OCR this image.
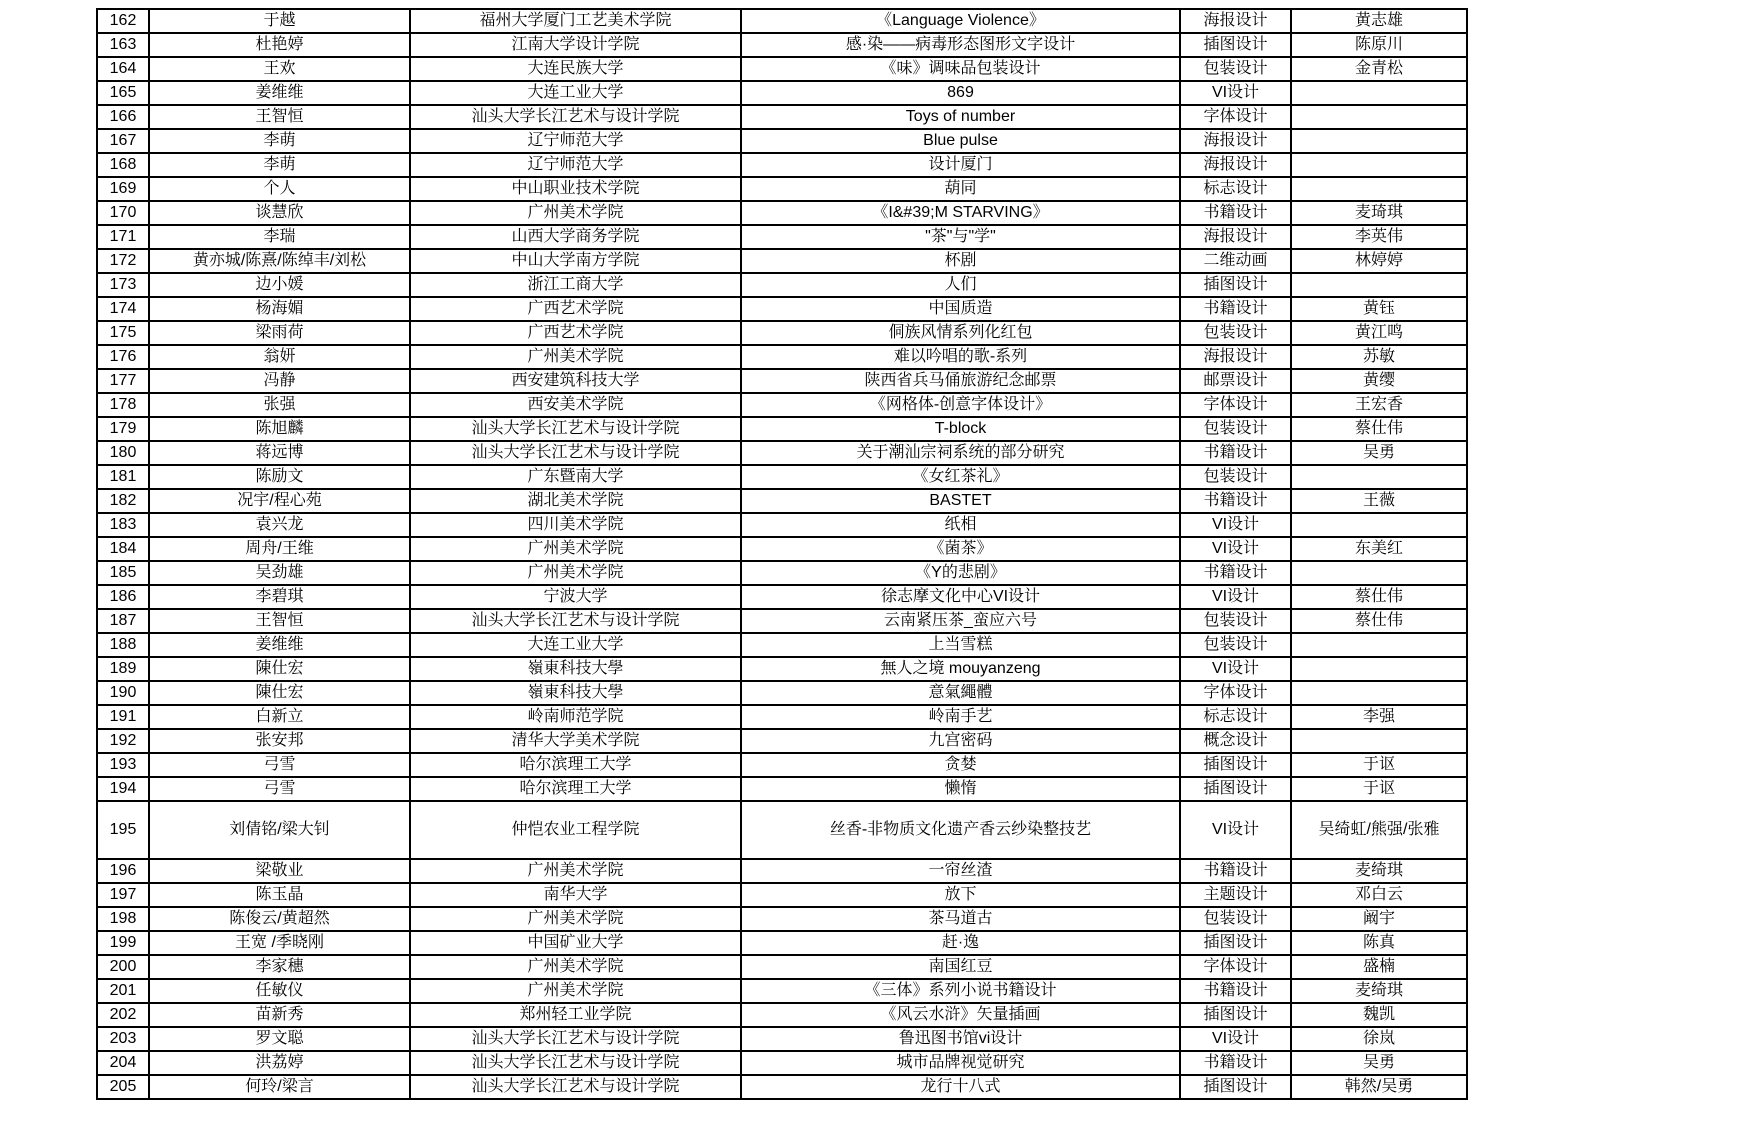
162	于越	福州大学厦门工艺美术学院	《Language Violence》	海报设计	黄志雄
163	杜艳婷	江南大学设计学院	感·染——病毒形态图形文字设计	插图设计	陈原川
164	王欢	大连民族大学	《味》调味品包装设计	包装设计	金青松
165	姜维维	大连工业大学	869	VI设计	
166	王智恒	汕头大学长江艺术与设计学院	Toys of number	字体设计	
167	李萌	辽宁师范大学	Blue pulse	海报设计	
168	李萌	辽宁师范大学	设计厦门	海报设计	
169	个人	中山职业技术学院	葫同	标志设计	
170	谈慧欣	广州美术学院	《I&#39;M STARVING》	书籍设计	麦琦琪
171	李瑞	山西大学商务学院	"茶"与"学"	海报设计	李英伟
172	黄亦城/陈熹/陈绰丰/刘松	中山大学南方学院	杯剧	二维动画	林婷婷
173	边小媛	浙江工商大学	人们	插图设计	
174	杨海媚	广西艺术学院	中国质造	书籍设计	黄钰
175	梁雨荷	广西艺术学院	侗族风情系列化红包	包装设计	黄江鸣
176	翁妍	广州美术学院	难以吟唱的歌-系列	海报设计	苏敏
177	冯静	西安建筑科技大学	陕西省兵马俑旅游纪念邮票	邮票设计	黄缨
178	张强	西安美术学院	《网格体-创意字体设计》	字体设计	王宏香
179	陈旭麟	汕头大学长江艺术与设计学院	T-block	包装设计	蔡仕伟
180	蒋远博	汕头大学长江艺术与设计学院	关于潮汕宗祠系统的部分研究	书籍设计	吴勇
181	陈励文	广东暨南大学	《女红茶礼》	包装设计	
182	况宇/程心苑	湖北美术学院	BASTET	书籍设计	王薇
183	袁兴龙	四川美术学院	纸相	VI设计	
184	周舟/王维	广州美术学院	《菌茶》	VI设计	东美红
185	吴劲雄	广州美术学院	《Y的悲剧》	书籍设计	
186	李碧琪	宁波大学	徐志摩文化中心VI设计	VI设计	蔡仕伟
187	王智恒	汕头大学长江艺术与设计学院	云南紧压茶_蛮应六号	包装设计	蔡仕伟
188	姜维维	大连工业大学	上当雪糕	包装设计	
189	陳仕宏	嶺東科技大學	無人之境 mouyanzeng	VI设计	
190	陳仕宏	嶺東科技大學	意氣繩體	字体设计	
191	白新立	岭南师范学院	岭南手艺	标志设计	李强
192	张安邦	清华大学美术学院	九宫密码	概念设计	
193	弓雪	哈尔滨理工大学	贪婪	插图设计	于讴
194	弓雪	哈尔滨理工大学	懒惰	插图设计	于讴
195	刘倩铭/梁大钊	仲恺农业工程学院	丝香-非物质文化遗产香云纱染整技艺	VI设计	吴绮虹/熊强/张雅
196	梁敬业	广州美术学院	一帘丝渣	书籍设计	麦绮琪
197	陈玉晶	南华大学	放下	主题设计	邓白云
198	陈俊云/黄超然	广州美术学院	茶马道古	包装设计	阚宇
199	王宽 /季晓刚	中国矿业大学	赶·逸	插图设计	陈真
200	李家穗	广州美术学院	南国红豆	字体设计	盛楠
201	任敏仪	广州美术学院	《三体》系列小说书籍设计	书籍设计	麦绮琪
202	苗新秀	郑州轻工业学院	《风云水浒》矢量插画	插图设计	魏凯
203	罗文聪	汕头大学长江艺术与设计学院	鲁迅图书馆vi设计	VI设计	徐岚
204	洪荔婷	汕头大学长江艺术与设计学院	城市品牌视觉研究	书籍设计	吴勇
205	何玲/梁言	汕头大学长江艺术与设计学院	龙行十八式	插图设计	韩然/吴勇
